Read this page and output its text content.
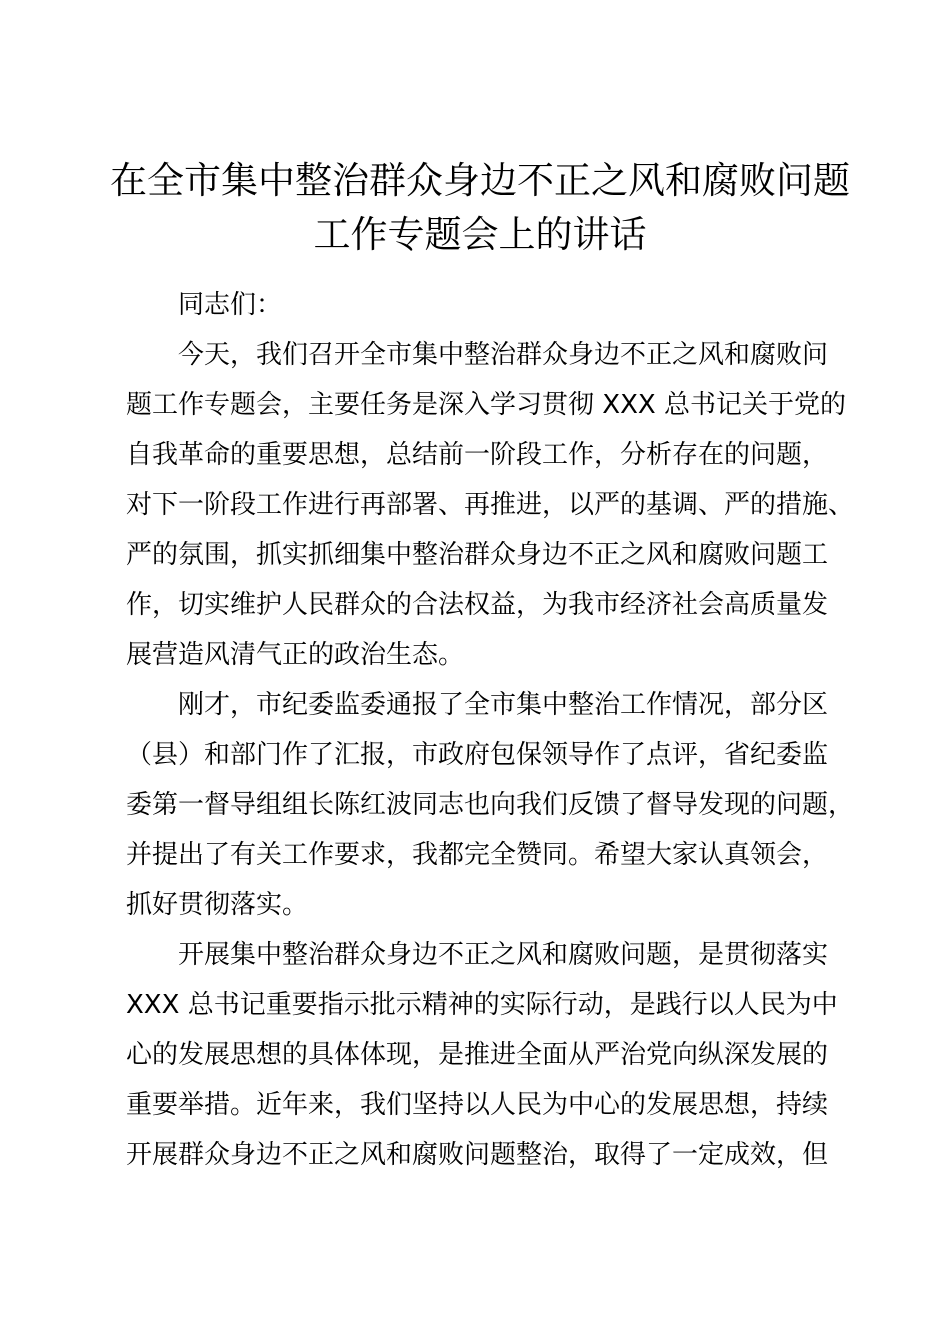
在全市集中整治群众身边不正之风和腐败问题
工作专题会上的讲话
同志们：
今天，我们召开全市集中整治群众身边不正之风和腐败问
题工作专题会，主要任务是深入学习贯彻 XXX 总书记关于党的
自我革命的重要思想，总结前一阶段工作，分析存在的问题，
对下一阶段工作进行再部署、再推进，以严的基调、严的措施、
严的氛围，抓实抓细集中整治群众身边不正之风和腐败问题工
作，切实维护人民群众的合法权益，为我市经济社会高质量发
展营造风清气正的政治生态。
刚才，市纪委监委通报了全市集中整治工作情况，部分区
（县）和部门作了汇报，市政府包保领导作了点评，省纪委监
委第一督导组组长陈红波同志也向我们反馈了督导发现的问题，
并提出了有关工作要求，我都完全赞同。希望大家认真领会，
抓好贯彻落实。
开展集中整治群众身边不正之风和腐败问题，是贯彻落实
XXX 总书记重要指示批示精神的实际行动，是践行以人民为中
心的发展思想的具体体现，是推进全面从严治党向纵深发展的
重要举措。近年来，我们坚持以人民为中心的发展思想，持续
开展群众身边不正之风和腐败问题整治，取得了一定成效，但
